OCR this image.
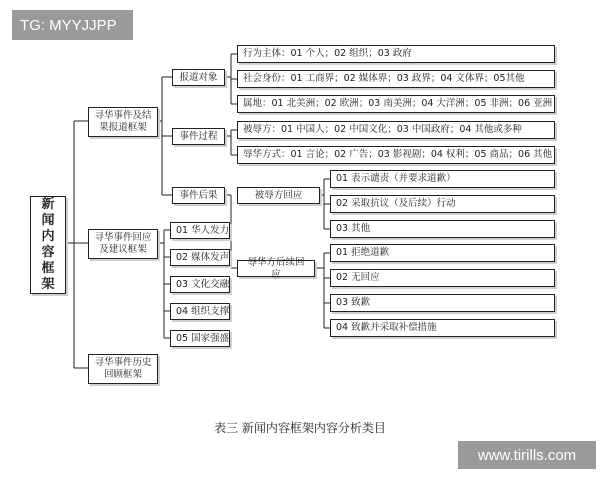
TG: MYYJJPP
新闻内容框架
寻华事件及结果报道框架
寻华事件回应及建议框架
寻华事件历史回顾框架
报道对象
事件过程
事件后果
行为主体：01 个人；02 组织；03 政府
社会身份：01 工商界；02 媒体界；03 政界；04 文体界；05其他
属地：01 北美洲；02 欧洲；03 南美洲；04 大洋洲；05 非洲；06 亚洲
被辱方：01 中国人；02 中国文化；03 中国政府；04 其他或多种
辱华方式：01 言论；02 广告；03 影视剧；04 权利；05 商品；06 其他
被辱方回应
辱华方后续回应
01 表示谴责（并要求道歉）
02 采取抗议（及后续）行动
03 其他
01 拒绝道歉
02 无回应
03 致歉
04 致歉并采取补偿措施
01 华人发力
02 媒体发声
03 文化交融
04 组织支撑
05 国家强盛
表三 新闻内容框架内容分析类目
www.tirills.com
